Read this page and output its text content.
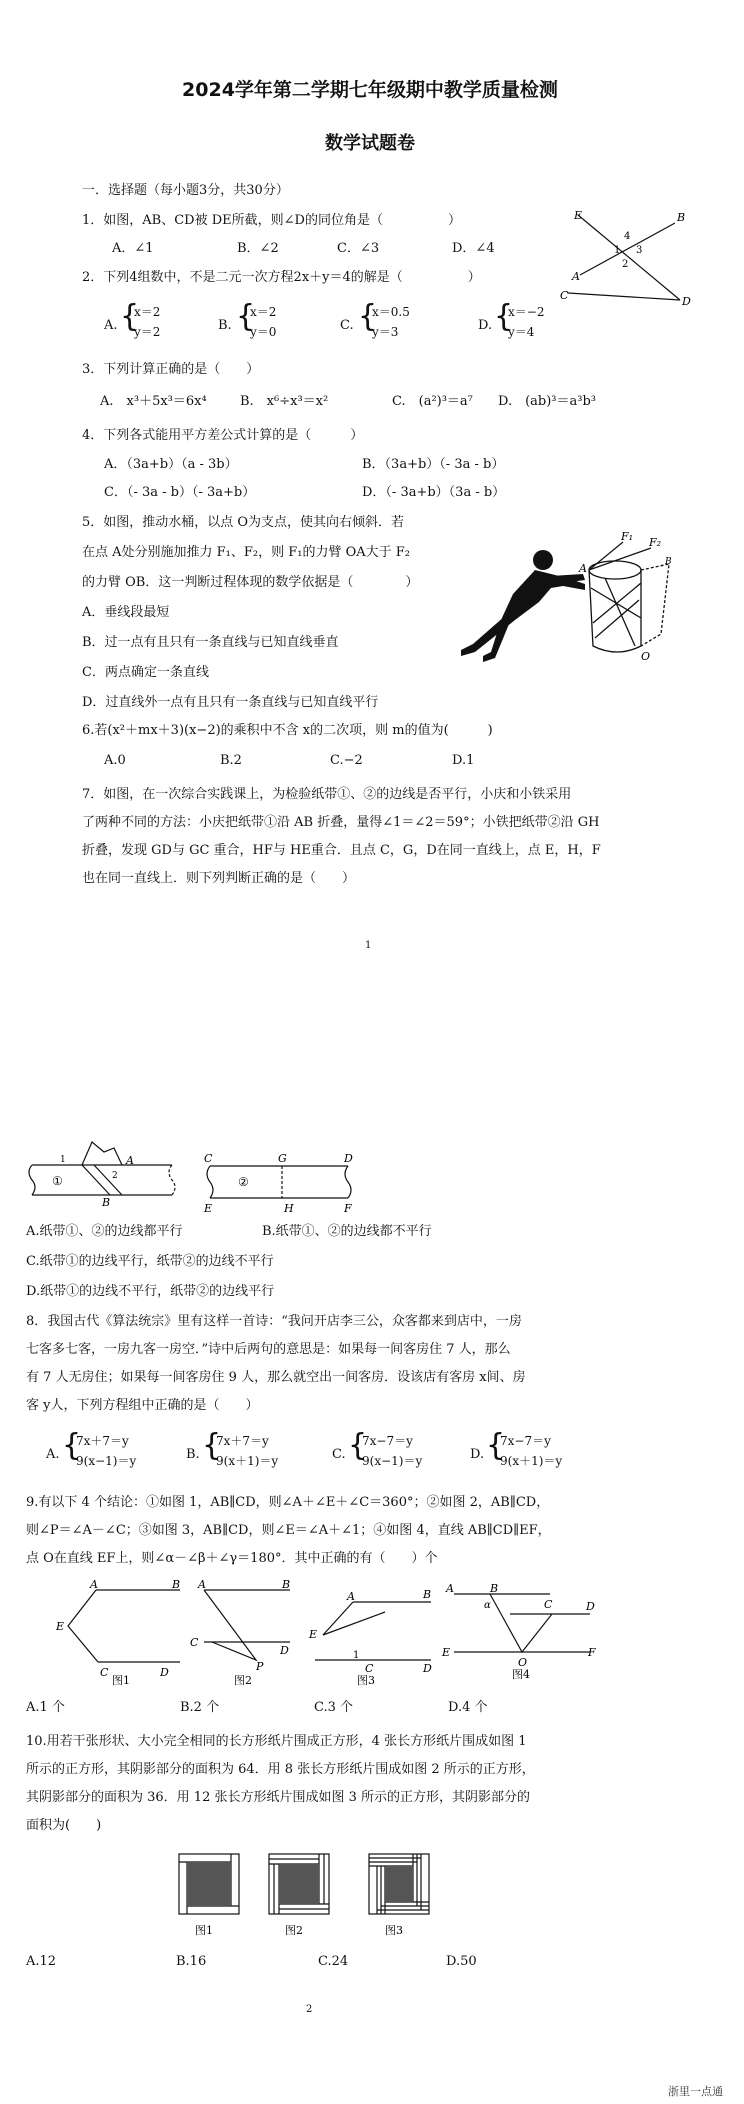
2024学年第二学期七年级期中教学质量检测
数学试题卷
一．选择题（每小题3分，共30分）
1．如图，AB、CD被 DE所截，则∠D的同位角是（　　　　　）
A．∠1	B．∠2	C．∠3	D．∠4
E	B
A
C	D
1
2
3
4
2．下列4组数中，不是二元一次方程2x＋y＝4的解是（　　　　　）
A. {
x＝2
y＝2	B. {
x＝2
y＝0	C. {
x＝0.5
y＝3	D. {
x＝−2
y＝4
3．下列计算正确的是（　　）
A.　x³＋5x³＝6x⁴	B.　x⁶÷x³＝x²	C.　(a²)³＝a⁷ D.　(ab)³＝a³b³
4．下列各式能用平方差公式计算的是（　　　）
A．（3a+b）（a - 3b）	B．（3a+b）（- 3a - b）
C．（- 3a - b）（- 3a+b）	D．（- 3a+b）（3a - b）
5．如图，推动水桶，以点 O为支点，使其向右倾斜．若
在点 A处分别施加推力 F₁、F₂，则 F₁的力臂 OA大于 F₂
的力臂 OB．这一判断过程体现的数学依据是（　　　　）
A．垂线段最短
B．过一点有且只有一条直线与已知直线垂直
C．两点确定一条直线
D．过直线外一点有且只有一条直线与已知直线平行
F₁ F₂
A	B
O
6.若(x²＋mx＋3)(x−2)的乘积中不含 x的二次项，则 m的值为(　　　)
A.0	B.2	C.−2	D.1
7．如图，在一次综合实践课上，为检验纸带①、②的边线是否平行，小庆和小铁采用
了两种不同的方法：小庆把纸带①沿 AB 折叠，量得∠1＝∠2＝59°；小铁把纸带②沿 GH
折叠，发现 GD与 GC 重合，HF与 HE重合．且点 C，G，D在同一直线上，点 E，H，F
也在同一直线上．则下列判断正确的是（　　）
1
①
A
B
1
2	②
C	G	D
E	H	F
A.纸带①、②的边线都平行	B.纸带①、②的边线都不平行
C.纸带①的边线平行，纸带②的边线不平行
D.纸带①的边线不平行，纸带②的边线平行
8．我国古代《算法统宗》里有这样一首诗：“我问开店李三公，众客都来到店中，一房
七客多七客，一房九客一房空．”诗中后两句的意思是：如果每一间客房住 7 人，那么
有 7 人无房住；如果每一间客房住 9 人，那么就空出一间客房．设该店有客房 x间、房
客 y人，下列方程组中正确的是（　　）
A. {
7x＋7＝y
9(x−1)＝y	B. {
7x＋7＝y
9(x＋1)＝y	C. {
7x−7＝y
9(x−1)＝y	D. {
7x−7＝y
9(x＋1)＝y
9.有以下 4 个结论：①如图 1，AB∥CD，则∠A＋∠E＋∠C＝360°；②如图 2，AB∥CD，
则∠P＝∠A－∠C；③如图 3，AB∥CD，则∠E＝∠A＋∠1；④如图 4，直线 AB∥CD∥EF，
点 O在直线 EF上，则∠α－∠β＋∠γ＝180°．其中正确的有（　　）个
A	B
E
C	D
图1
A	B
C
D
P
图2
A	B
E
1
C	D
图3
A	B
α	C	D
E	F
O
图4
A.1 个	B.2 个	C.3 个	D.4 个
10.用若干张形状、大小完全相同的长方形纸片围成正方形，4 张长方形纸片围成如图 1
所示的正方形，其阴影部分的面积为 64．用 8 张长方形纸片围成如图 2 所示的正方形，
其阴影部分的面积为 36．用 12 张长方形纸片围成如图 3 所示的正方形，其阴影部分的
面积为(　　)
图1	图2	图3
A.12	B.16	C.24	D.50
2
浙里一点通
